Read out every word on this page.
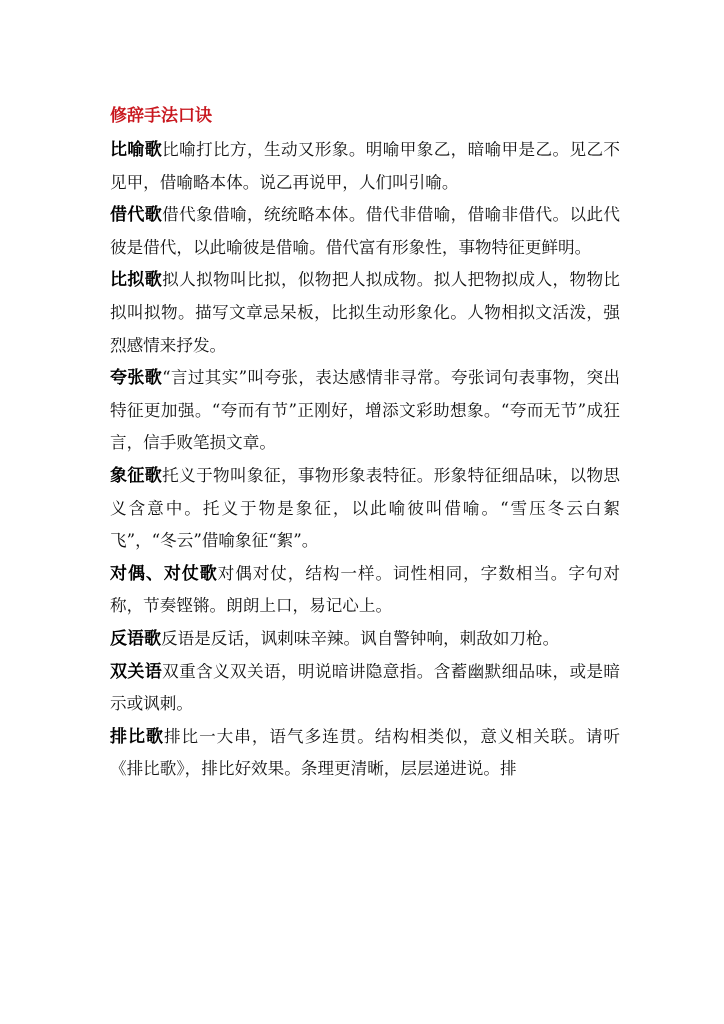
修辞手法口诀

比喻歌比喻打比方，生动又形象。明喻甲象乙，暗喻甲是乙。见乙不见甲，借喻略本体。说乙再说甲，人们叫引喻。

借代歌借代象借喻，统统略本体。借代非借喻，借喻非借代。以此代彼是借代，以此喻彼是借喻。借代富有形象性，事物特征更鲜明。

比拟歌拟人拟物叫比拟，似物把人拟成物。拟人把物拟成人，物物比拟叫拟物。描写文章忌呆板，比拟生动形象化。人物相拟文活泼，强烈感情来抒发。

夸张歌“言过其实”叫夸张，表达感情非寻常。夸张词句表事物，突出特征更加强。“夸而有节”正刚好，增添文彩助想象。“夸而无节”成狂言，信手败笔损文章。

象征歌托义于物叫象征，事物形象表特征。形象特征细品味，以物思义含意中。托义于物是象征，以此喻彼叫借喻。“雪压冬云白絮飞”，“冬云”借喻象征“絮”。

对偶、对仗歌对偶对仗，结构一样。词性相同，字数相当。字句对称，节奏铿锵。朗朗上口，易记心上。

反语歌反语是反话，讽刺味辛辣。讽自警钟响，刺敌如刀枪。

双关语双重含义双关语，明说暗讲隐意指。含蓄幽默细品味，或是暗示或讽刺。

排比歌排比一大串，语气多连贯。结构相类似，意义相关联。请听《排比歌》，排比好效果。条理更清晰，层层递进说。排
